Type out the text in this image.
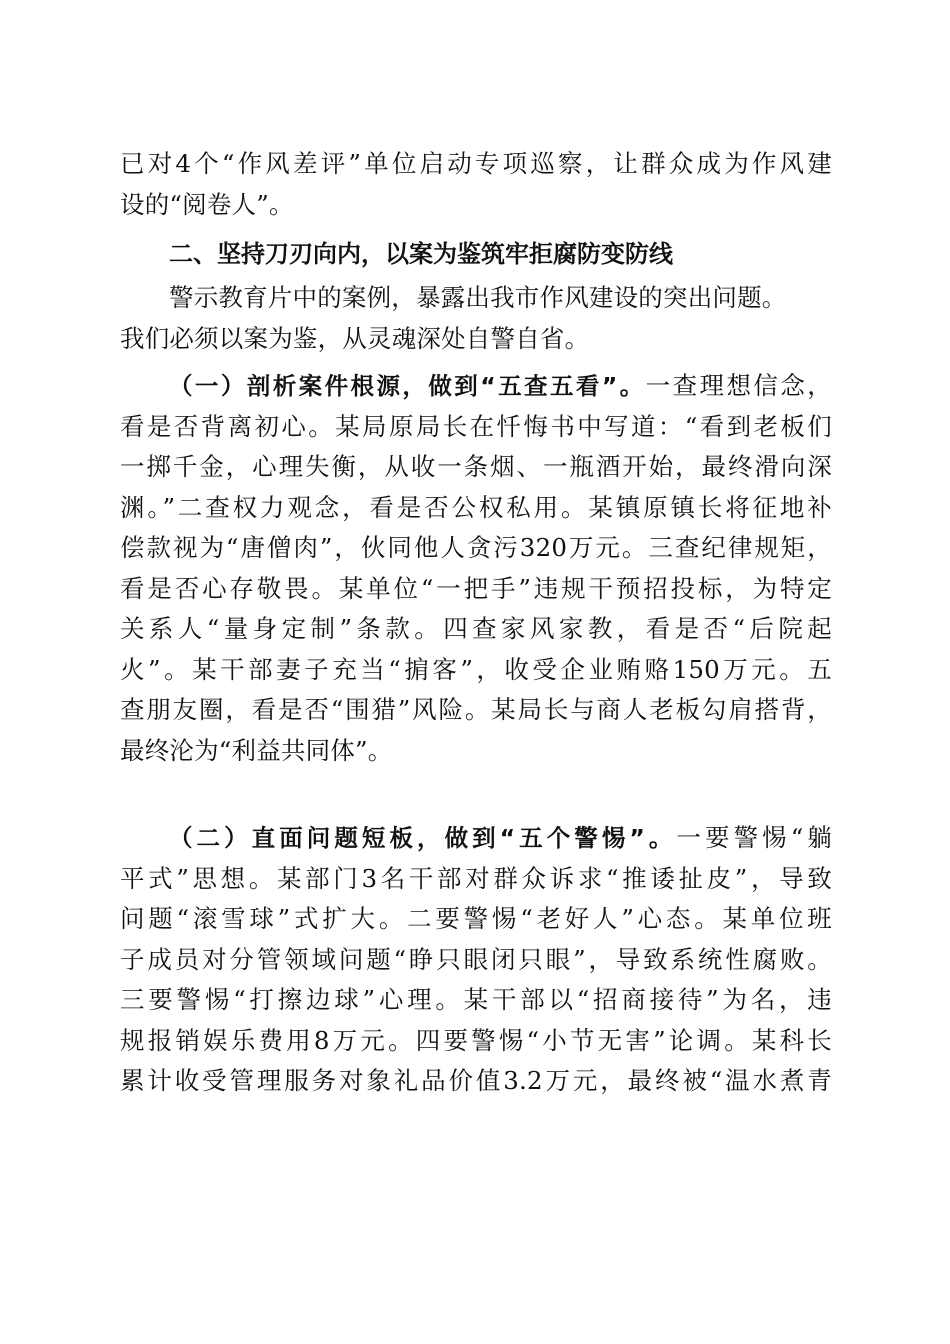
已对4个“作风差评”单位启动专项巡察，让群众成为作风建
设的“阅卷人”。
二、坚持刀刃向内，以案为鉴筑牢拒腐防变防线
警示教育片中的案例，暴露出我市作风建设的突出问题。
我们必须以案为鉴，从灵魂深处自警自省。
（一）剖析案件根源，做到“五查五看”。一查理想信念，
看是否背离初心。某局原局长在忏悔书中写道：“看到老板们
一掷千金，心理失衡，从收一条烟、一瓶酒开始，最终滑向深
渊。”二查权力观念，看是否公权私用。某镇原镇长将征地补
偿款视为“唐僧肉”，伙同他人贪污320万元。三查纪律规矩，
看是否心存敬畏。某单位“一把手”违规干预招投标，为特定
关系人“量身定制”条款。四查家风家教，看是否“后院起
火”。某干部妻子充当“掮客”，收受企业贿赂150万元。五
查朋友圈，看是否“围猎”风险。某局长与商人老板勾肩搭背，
最终沦为“利益共同体”。
（二）直面问题短板，做到“五个警惕”。一要警惕“躺
平式”思想。某部门3名干部对群众诉求“推诿扯皮”，导致
问题“滚雪球”式扩大。二要警惕“老好人”心态。某单位班
子成员对分管领域问题“睁只眼闭只眼”，导致系统性腐败。
三要警惕“打擦边球”心理。某干部以“招商接待”为名，违
规报销娱乐费用8万元。四要警惕“小节无害”论调。某科长
累计收受管理服务对象礼品价值3.2万元，最终被“温水煮青
